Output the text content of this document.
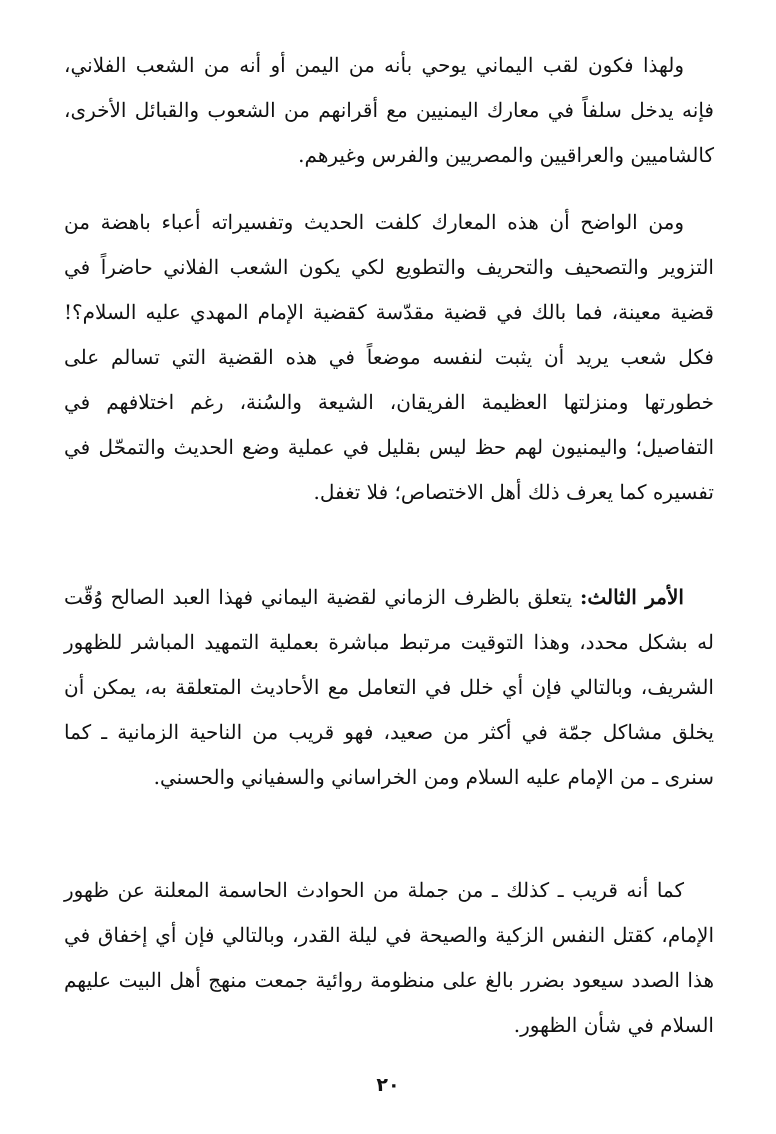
ولهذا فكون لقب اليماني يوحي بأنه من اليمن أو أنه من الشعب الفلاني، فإنه يدخل سلفاً في معارك اليمنيين مع أقرانهم من الشعوب والقبائل الأخرى، كالشاميين والعراقيين والمصريين والفرس وغيرهم.
ومن الواضح أن هذه المعارك كلفت الحديث وتفسيراته أعباء باهضة من التزوير والتصحيف والتحريف والتطويع لكي يكون الشعب الفلاني حاضراً في قضية معينة، فما بالك في قضية مقدّسة كقضية الإمام المهدي عليه السلام؟! فكل شعب يريد أن يثبت لنفسه موضعاً في هذه القضية التي تسالم على خطورتها ومنزلتها العظيمة الفريقان، الشيعة والسُنة، رغم اختلافهم في التفاصيل؛ واليمنيون لهم حظ ليس بقليل في عملية وضع الحديث والتمحّل في تفسيره كما يعرف ذلك أهل الاختصاص؛ فلا تغفل.
الأمر الثالث: يتعلق بالظرف الزماني لقضية اليماني فهذا العبد الصالح وُقّت له بشكل محدد، وهذا التوقيت مرتبط مباشرة بعملية التمهيد المباشر للظهور الشريف، وبالتالي فإن أي خلل في التعامل مع الأحاديث المتعلقة به، يمكن أن يخلق مشاكل جمّة في أكثر من صعيد، فهو قريب من الناحية الزمانية ـ كما سنرى ـ من الإمام عليه السلام ومن الخراساني والسفياني والحسني.
كما أنه قريب ـ كذلك ـ من جملة من الحوادث الحاسمة المعلنة عن ظهور الإمام، كقتل النفس الزكية والصيحة في ليلة القدر، وبالتالي فإن أي إخفاق في هذا الصدد سيعود بضرر بالغ على منظومة روائية جمعت منهج أهل البيت عليهم السلام في شأن الظهور.
٢٠
